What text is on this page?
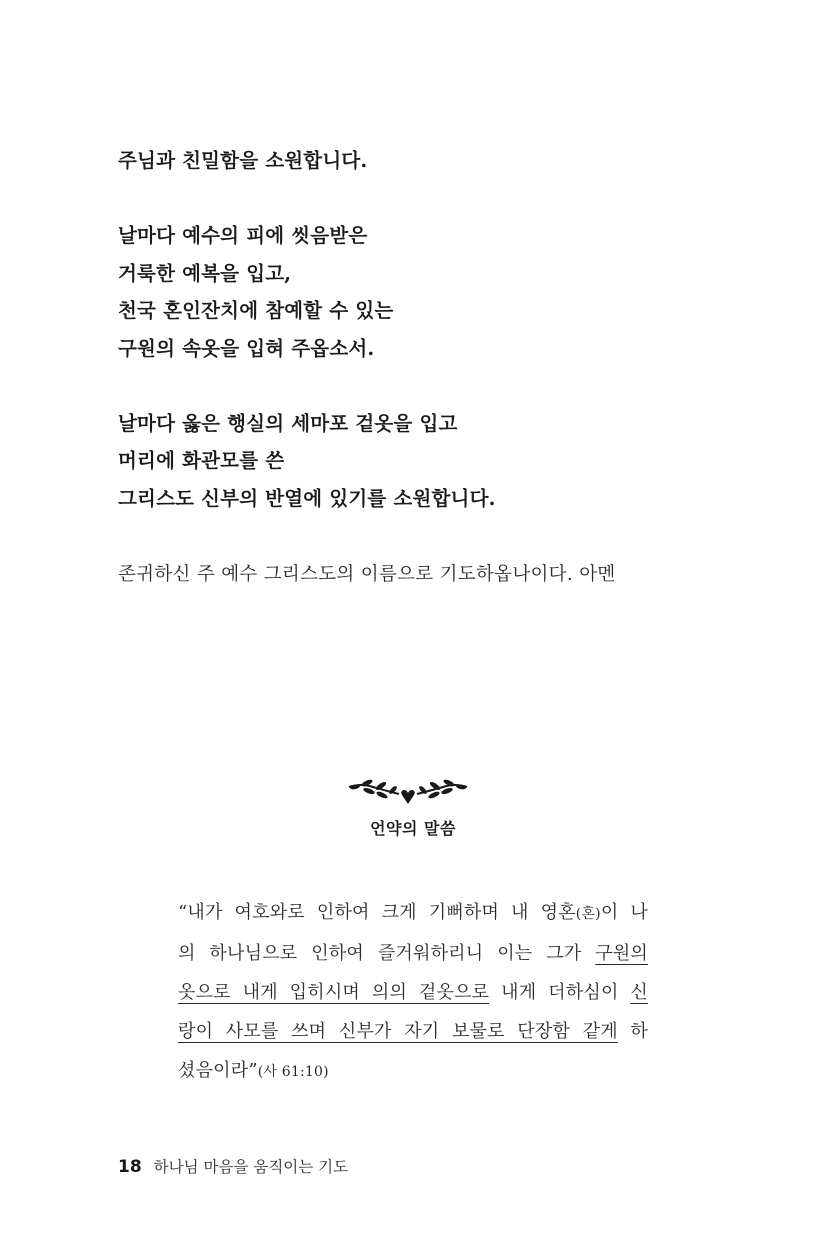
주님과 친밀함을 소원합니다.
날마다 예수의 피에 씻음받은
거룩한 예복을 입고,
천국 혼인잔치에 참예할 수 있는
구원의 속옷을 입혀 주옵소서.
날마다 옳은 행실의 세마포 겉옷을 입고
머리에 화관모를 쓴
그리스도 신부의 반열에 있기를 소원합니다.
존귀하신 주 예수 그리스도의 이름으로 기도하옵나이다. 아멘
언약의 말씀
“내가 여호와로 인하여 크게 기뻐하며 내 영혼(혼)이 나
의 하나님으로 인하여 즐거워하리니 이는 그가 구원의
옷으로 내게 입히시며 의의 겉옷으로 내게 더하심이 신
랑이 사모를 쓰며 신부가 자기 보물로 단장함 같게 하
셨음이라”(사 61:10)
18 하나님 마음을 움직이는 기도
